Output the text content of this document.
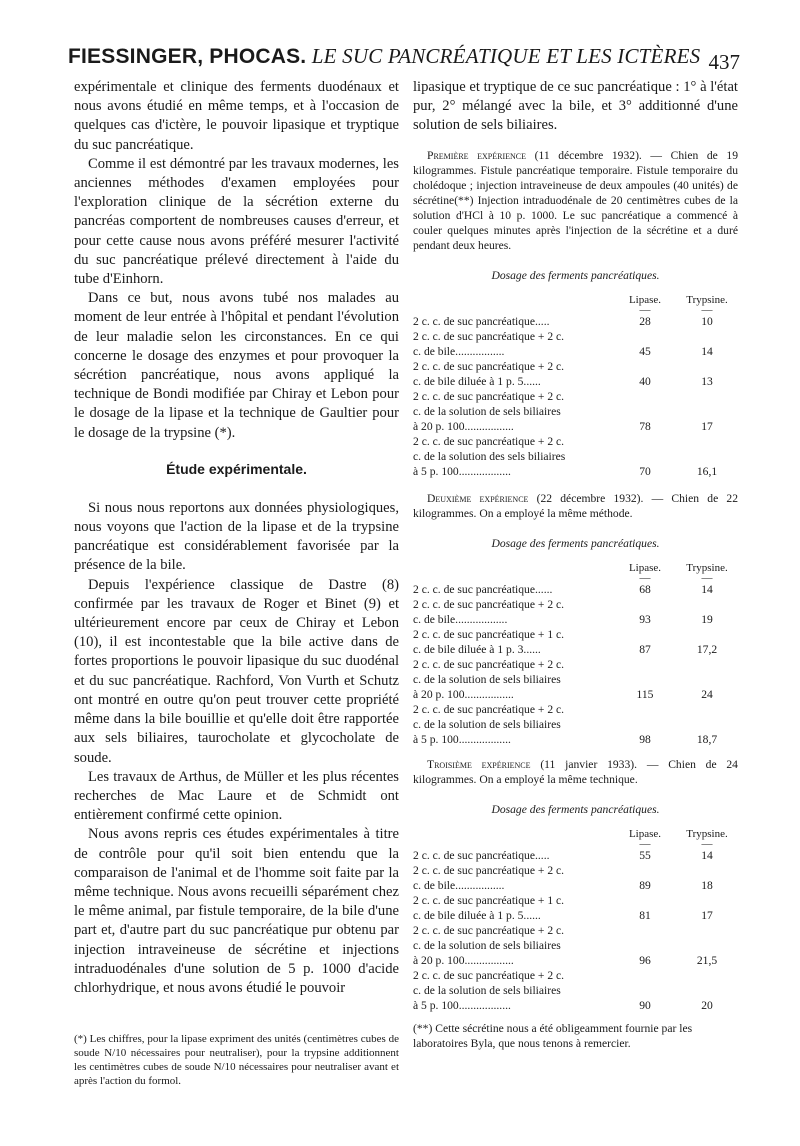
FIESSINGER, PHOCAS. LE SUC PANCRÉATIQUE ET LES ICTÈRES 437

expérimentale et clinique des ferments duodénaux et nous avons étudié en même temps, et à l'occasion de quelques cas d'ictère, le pouvoir lipasique et tryptique du suc pancréatique.

Comme il est démontré par les travaux modernes, les anciennes méthodes d'examen employées pour l'exploration clinique de la sécrétion externe du pancréas comportent de nombreuses causes d'erreur, et pour cette cause nous avons préféré mesurer l'activité du suc pancréatique prélevé directement à l'aide du tube d'Einhorn.

Dans ce but, nous avons tubé nos malades au moment de leur entrée à l'hôpital et pendant l'évolution de leur maladie selon les circonstances. En ce qui concerne le dosage des enzymes et pour provoquer la sécrétion pancréatique, nous avons appliqué la technique de Bondi modifiée par Chiray et Lebon pour le dosage de la lipase et la technique de Gaultier pour le dosage de la trypsine (*).

Étude expérimentale.

Si nous nous reportons aux données physiologiques, nous voyons que l'action de la lipase et de la trypsine pancréatique est considérablement favorisée par la présence de la bile.

Depuis l'expérience classique de Dastre (8) confirmée par les travaux de Roger et Binet (9) et ultérieurement encore par ceux de Chiray et Lebon (10), il est incontestable que la bile active dans de fortes proportions le pouvoir lipasique du suc duodénal et du suc pancréatique. Rachford, Von Vurth et Schutz ont montré en outre qu'on peut trouver cette propriété même dans la bile bouillie et qu'elle doit être rapportée aux sels biliaires, taurocholate et glycocholate de soude.

Les travaux de Arthus, de Müller et les plus récentes recherches de Mac Laure et de Schmidt ont entièrement confirmé cette opinion.

Nous avons repris ces études expérimentales à titre de contrôle pour qu'il soit bien entendu que la comparaison de l'animal et de l'homme soit faite par la même technique. Nous avons recueilli séparément chez le même animal, par fistule temporaire, de la bile d'une part et, d'autre part du suc pancréatique pur obtenu par injection intraveineuse de sécrétine et injections intraduodénales d'une solution de 5 p. 1000 d'acide chlorhydrique, et nous avons étudié le pouvoir

(*) Les chiffres, pour la lipase expriment des unités (centimètres cubes de soude N/10 nécessaires pour neutraliser), pour la trypsine additionnent les centimètres cubes de soude N/10 nécessaires pour neutraliser avant et après l'action du formol.

lipasique et tryptique de ce suc pancréatique : 1° à l'état pur, 2° mélangé avec la bile, et 3° additionné d'une solution de sels biliaires.

Première expérience (11 décembre 1932). — Chien de 19 kilogrammes. Fistule pancréatique temporaire. Fistule temporaire du cholédoque ; injection intraveineuse de deux ampoules (40 unités) de sécrétine(**) Injection intraduodénale de 20 centimètres cubes de la solution d'HCl à 10 p. 1000. Le suc pancréatique a commencé à couler quelques minutes après l'injection de la sécrétine et a duré pendant deux heures.

Dosage des ferments pancréatiques.
	Lipase.
—	Trypsine.
—

2 c. c. de suc pancréatique.....	28	10

2 c. c. de suc pancréatique + 2 c.
c. de bile.................	45	14

2 c. c. de suc pancréatique + 2 c.
c. de bile diluée à 1 p. 5......	40	13

2 c. c. de suc pancréatique + 2 c.
c. de la solution de sels biliaires
à 20 p. 100.................	78	17

2 c. c. de suc pancréatique + 2 c.
c. de la solution des sels biliaires
à 5 p. 100..................	70	16,1

Deuxième expérience (22 décembre 1932). — Chien de 22 kilogrammes. On a employé la même méthode.

Dosage des ferments pancréatiques.
	Lipase.
—	Trypsine.
—

2 c. c. de suc pancréatique......	68	14

2 c. c. de suc pancréatique + 2 c.
c. de bile..................	93	19

2 c. c. de suc pancréatique + 1 c.
c. de bile diluée à 1 p. 3......	87	17,2

2 c. c. de suc pancréatique + 2 c.
c. de la solution de sels biliaires
à 20 p. 100.................	115	24

2 c. c. de suc pancréatique + 2 c.
c. de la solution de sels biliaires
à 5 p. 100..................	98	18,7

Troisième expérience (11 janvier 1933). — Chien de 24 kilogrammes. On a employé la même technique.

Dosage des ferments pancréatiques.
	Lipase.
—	Trypsine.
—

2 c. c. de suc pancréatique.....	55	14

2 c. c. de suc pancréatique + 2 c.
c. de bile.................	89	18

2 c. c. de suc pancréatique + 1 c.
c. de bile diluée à 1 p. 5......	81	17

2 c. c. de suc pancréatique + 2 c.
c. de la solution de sels biliaires
à 20 p. 100.................	96	21,5

2 c. c. de suc pancréatique + 2 c.
c. de la solution de sels biliaires
à 5 p. 100..................	90	20

(**) Cette sécrétine nous a été obligeamment fournie par les laboratoires Byla, que nous tenons à remercier.
